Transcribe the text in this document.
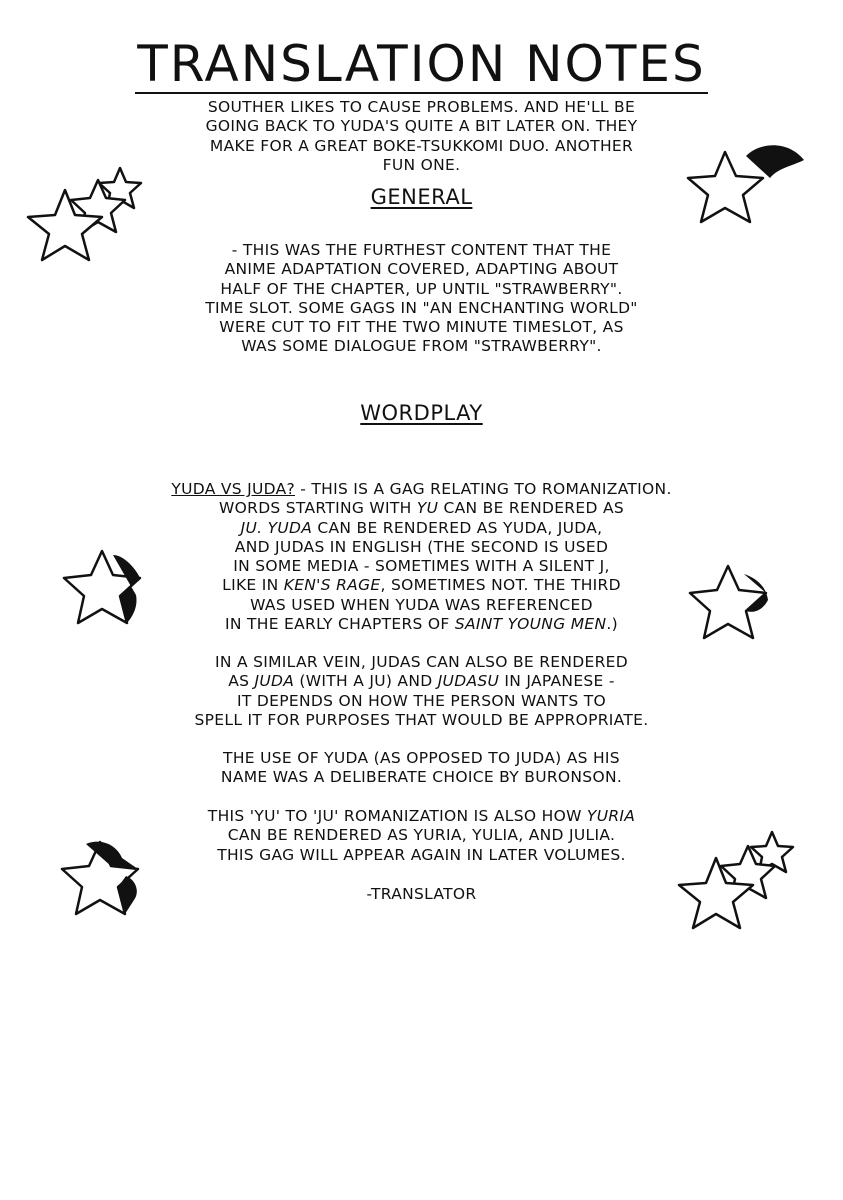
TRANSLATION NOTES

SOUTHER LIKES TO CAUSE PROBLEMS. AND HE'LL BE

GOING BACK TO YUDA'S QUITE A BIT LATER ON. THEY

MAKE FOR A GREAT BOKE-TSUKKOMI DUO. ANOTHER

FUN ONE.

GENERAL

- THIS WAS THE FURTHEST CONTENT THAT THE

ANIME ADAPTATION COVERED, ADAPTING ABOUT

HALF OF THE CHAPTER, UP UNTIL "STRAWBERRY".

TIME SLOT. SOME GAGS IN "AN ENCHANTING WORLD"

WERE CUT TO FIT THE TWO MINUTE TIMESLOT, AS

WAS SOME DIALOGUE FROM "STRAWBERRY".

WORDPLAY

YUDA VS JUDA? - THIS IS A GAG RELATING TO ROMANIZATION.

WORDS STARTING WITH YU CAN BE RENDERED AS

JU. YUDA CAN BE RENDERED AS YUDA, JUDA,

AND JUDAS IN ENGLISH (THE SECOND IS USED

IN SOME MEDIA - SOMETIMES WITH A SILENT J,

LIKE IN KEN'S RAGE, SOMETIMES NOT. THE THIRD

WAS USED WHEN YUDA WAS REFERENCED

IN THE EARLY CHAPTERS OF SAINT YOUNG MEN.)

IN A SIMILAR VEIN, JUDAS CAN ALSO BE RENDERED

AS JUDA (WITH A JU) AND JUDASU IN JAPANESE -

IT DEPENDS ON HOW THE PERSON WANTS TO

SPELL IT FOR PURPOSES THAT WOULD BE APPROPRIATE.

THE USE OF YUDA (AS OPPOSED TO JUDA) AS HIS

NAME WAS A DELIBERATE CHOICE BY BURONSON.

THIS 'YU' TO 'JU' ROMANIZATION IS ALSO HOW YURIA

CAN BE RENDERED AS YURIA, YULIA, AND JULIA.

THIS GAG WILL APPEAR AGAIN IN LATER VOLUMES.

-TRANSLATOR
